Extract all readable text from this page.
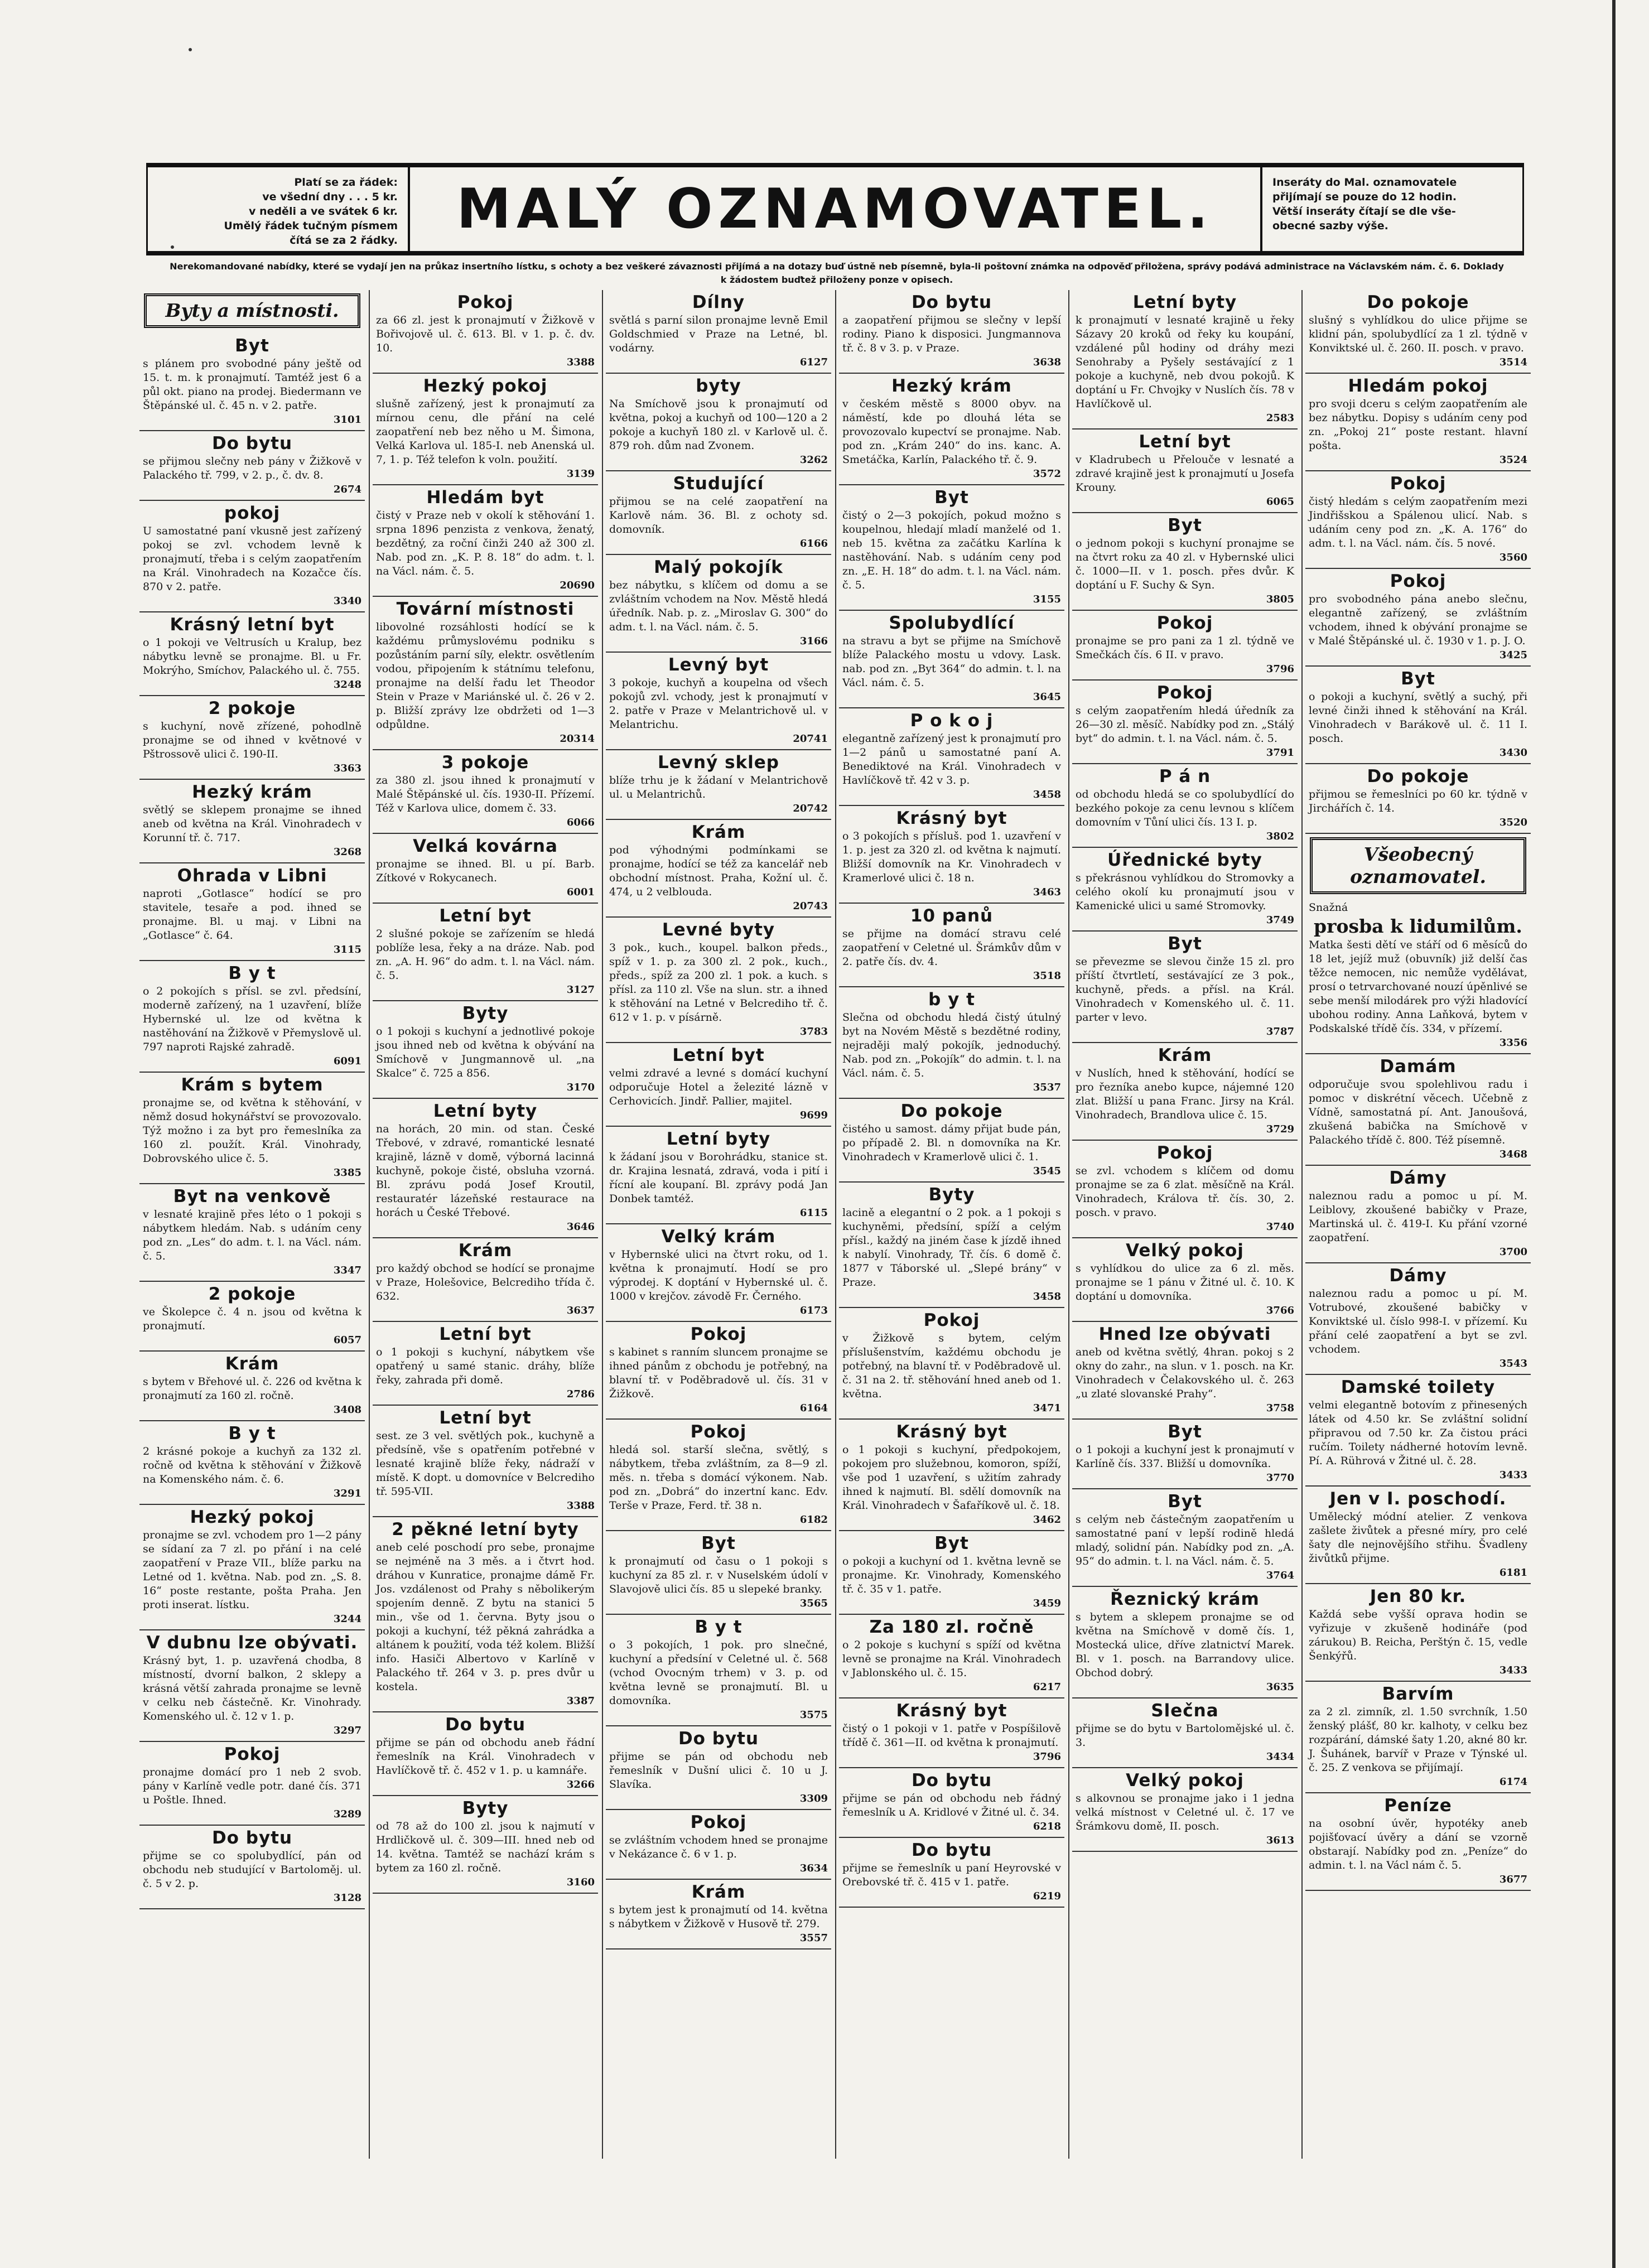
Platí se za řádek:
ve všední dny . . . 5 kr.
v neděli a ve svátek 6 kr.
Umělý řádek tučným písmem
čítá se za 2 řádky.	MALÝ OZNAMOVATEL.	Inseráty do Mal. oznamovatele
přijímají se pouze do 12 hodin.
Větší inseráty čítají se dle vše-
obecné sazby výše.
Nerekomandované nabídky, které se vydají jen na průkaz insertního lístku, s ochoty a bez veškeré závaznosti přijímá a na dotazy buď ústně neb písemně, byla-li poštovní známka na odpověď přiložena, správy podává administrace na Václavském nám. č. 6. Doklady k žádostem buďtež přiloženy ponze v opisech.
Byty a místnosti.
Byt
s plánem pro svobodné pány ještě od 15. t. m. k pronajmutí. Tamtéž jest 6 a půl okt. piano na prodej. Biedermann ve Štěpánské ul. č. 45 n. v 2. patře.
3101
Do bytu
se přijmou slečny neb pány v Žižkově v Palackého tř. 799, v 2. p., č. dv. 8.
2674
pokoj
U samostatné paní vkusně jest zařízený pokoj se zvl. vchodem levně k pronajmutí, třeba i s celým zaopatřením na Král. Vinohradech na Kozačce čís. 870 v 2. patře.
3340
Krásný letní byt
o 1 pokoji ve Veltrusích u Kralup, bez nábytku levně se pronajme. Bl. u Fr. Mokrýho, Smíchov, Palackého ul. č. 755.
3248
2 pokoje
s kuchyní, nově zřízené, pohodlně pronajme se od ihned v květnové v Pštrossově ulici č. 190-II.
3363
Hezký krám
světlý se sklepem pronajme se ihned aneb od května na Král. Vinohradech v Korunní tř. č. 717.
3268
Ohrada v Libni
naproti „Gotlasce“ hodící se pro stavitele, tesaře a pod. ihned se pronajme. Bl. u maj. v Libni na „Gotlasce“ č. 64.
3115
B y t
o 2 pokojích s přísl. se zvl. předsíní, moderně zařízený, na 1 uzavření, blíže Hybernské ul. lze od května k nastěhování na Žižkově v Přemyslově ul. 797 naproti Rajské zahradě.
6091
Krám s bytem
pronajme se, od května k stěhování, v němž dosud hokynářství se provozovalo. Týž možno i za byt pro řemeslníka za 160 zl. použít. Král. Vinohrady, Dobrovského ulice č. 5.
3385
Byt na venkově
v lesnaté krajině přes léto o 1 pokoji s nábytkem hledám. Nab. s udáním ceny pod zn. „Les“ do adm. t. l. na Václ. nám. č. 5.
3347
2 pokoje
ve Školepce č. 4 n. jsou od května k pronajmutí.
6057
Krám
s bytem v Břehové ul. č. 226 od května k pronajmutí za 160 zl. ročně.
3408
B y t
2 krásné pokoje a kuchyň za 132 zl. ročně od května k stěhování v Žižkově na Komenského nám. č. 6.
3291
Hezký pokoj
pronajme se zvl. vchodem pro 1—2 pány se sídaní za 7 zl. po přání i na celé zaopatření v Praze VII., blíže parku na Letné od 1. května. Nab. pod zn. „S. 8. 16“ poste restante, pošta Praha. Jen proti inserat. lístku.
3244
V dubnu lze obývati.
Krásný byt, 1. p. uzavřená chodba, 8 místností, dvorní balkon, 2 sklepy a krásná větší zahrada pronajme se levně v celku neb částečně. Kr. Vinohrady. Komenského ul. č. 12 v 1. p.
3297
Pokoj
pronajme domácí pro 1 neb 2 svob. pány v Karlíně vedle potr. dané čís. 371 u Poštle. Ihned.
3289
Do bytu
přijme se co spolubydlící, pán od obchodu neb studující v Bartoloměj. ul. č. 5 v 2. p.
3128
Pokoj
za 66 zl. jest k pronajmutí v Žižkově v Bořivojově ul. č. 613. Bl. v 1. p. č. dv. 10.
3388
Hezký pokoj
slušně zařízený, jest k pronajmutí za mírnou cenu, dle přání na celé zaopatření neb bez něho u M. Šimona, Velká Karlova ul. 185-I. neb Anenská ul. 7, 1. p. Též telefon k voln. použití.
3139
Hledám byt
čistý v Praze neb v okolí k stěhování 1. srpna 1896 penzista z venkova, ženatý, bezdětný, za roční činži 240 až 300 zl. Nab. pod zn. „K. P. 8. 18“ do adm. t. l. na Václ. nám. č. 5.
20690
Tovární místnosti
libovolné rozsáhlosti hodící se k každému průmyslovému podniku s pozůstáním parní síly, elektr. osvětlením vodou, připojením k státnímu telefonu, pronajme na delší řadu let Theodor Stein v Praze v Mariánské ul. č. 26 v 2. p. Bližší zprávy lze obdržeti od 1—3 odpůldne.
20314
3 pokoje
za 380 zl. jsou ihned k pronajmutí v Malé Štěpánské ul. čís. 1930-II. Přízemí. Též v Karlova ulice, domem č. 33.
6066
Velká kovárna
pronajme se ihned. Bl. u pí. Barb. Zítkové v Rokycanech.
6001
Letní byt
2 slušné pokoje se zařízením se hledá poblíže lesa, řeky a na dráze. Nab. pod zn. „A. H. 96“ do adm. t. l. na Václ. nám. č. 5.
3127
Byty
o 1 pokoji s kuchyní a jednotlivé pokoje jsou ihned neb od května k obývání na Smíchově v Jungmannově ul. „na Skalce“ č. 725 a 856.
3170
Letní byty
na horách, 20 min. od stan. České Třebové, v zdravé, romantické lesnaté krajině, lázně v domě, výborná lacinná kuchyně, pokoje čisté, obsluha vzorná. Bl. zprávu podá Josef Kroutil, restauratér lázeňské restaurace na horách u České Třebové.
3646
Krám
pro každý obchod se hodící se pronajme v Praze, Holešovice, Belcrediho třída č. 632.
3637
Letní byt
o 1 pokoji s kuchyní, nábytkem vše opatřený u samé stanic. dráhy, blíže řeky, zahrada při domě.
2786
Letní byt
sest. ze 3 vel. světlých pok., kuchyně a předsíně, vše s opatřením potřebné v lesnaté krajině blíže řeky, nádraží v místě. K dopt. u domovníce v Belcrediho tř. 595-VII.
3388
2 pěkné letní byty
aneb celé poschodí pro sebe, pronajme se nejméně na 3 měs. a i čtvrt hod. dráhou v Kunratice, pronajme dámě Fr. Jos. vzdálenost od Prahy s něbolikerým spojením denně. Z bytu na stanici 5 min., vše od 1. června. Byty jsou o pokoji a kuchyní, též pěkná zahrádka a altánem k použití, voda též kolem. Bližší info. Hasiči Albertovo v Karlíně v Palackého tř. 264 v 3. p. pres dvůr u kostela.
3387
Do bytu
přijme se pán od obchodu aneb řádní řemeslník na Král. Vinohradech v Havlíčkově tř. č. 452 v 1. p. u kamnáře.
3266
Byty
od 78 až do 100 zl. jsou k najmutí v Hrdličkově ul. č. 309—III. hned neb od 14. května. Tamtéž se nachází krám s bytem za 160 zl. ročně.
3160
Dílny
světlá s parní silon pronajme levně Emil Goldschmied v Praze na Letné, bl. vodárny.
6127
byty
Na Smíchově jsou k pronajmutí od května, pokoj a kuchyň od 100—120 a 2 pokoje a kuchyň 180 zl. v Karlově ul. č. 879 roh. dům nad Zvonem.
3262
Studující
přijmou se na celé zaopatření na Karlově nám. 36. Bl. z ochoty sd. domovník.
6166
Malý pokojík
bez nábytku, s klíčem od domu a se zvláštním vchodem na Nov. Městě hledá úředník. Nab. p. z. „Miroslav G. 300“ do adm. t. l. na Václ. nám. č. 5.
3166
Levný byt
3 pokoje, kuchyň a koupelna od všech pokojů zvl. vchody, jest k pronajmutí v 2. patře v Praze v Melantrichově ul. v Melantrichu.
20741
Levný sklep
blíže trhu je k žádaní v Melantrichově ul. u Melantrichů.
20742
Krám
pod výhodnými podmínkami se pronajme, hodící se též za kancelář neb obchodní místnost. Praha, Kožní ul. č. 474, u 2 velblouda.
20743
Levné byty
3 pok., kuch., koupel. balkon předs., spíž v 1. p. za 300 zl. 2 pok., kuch., předs., spíž za 200 zl. 1 pok. a kuch. s přísl. za 110 zl. Vše na slun. str. a ihned k stěhování na Letné v Belcrediho tř. č. 612 v 1. p. v písárně.
3783
Letní byt
velmi zdravé a levné s domácí kuchyní odporučuje Hotel a železité lázně v Cerhovicích. Jindř. Pallier, majitel.
9699
Letní byty
k žádaní jsou v Borohrádku, stanice st. dr. Krajina lesnatá, zdravá, voda i pití i řícní ale koupaní. Bl. zprávy podá Jan Donbek tamtéž.
6115
Velký krám
v Hybernské ulici na čtvrt roku, od 1. května k pronajmutí. Hodí se pro výprodej. K doptání v Hybernské ul. č. 1000 v krejčov. závodě Fr. Černého.
6173
Pokoj
s kabinet s ranním sluncem pronajme se ihned pánům z obchodu je potřebný, na blavní tř. v Poděbradově ul. čís. 31 v Žižkově.
6164
Pokoj
hledá sol. starší slečna, světlý, s nábytkem, třeba zvláštním, za 8—9 zl. měs. n. třeba s domácí výkonem. Nab. pod zn. „Dobrá“ do inzertní kanc. Edv. Terše v Praze, Ferd. tř. 38 n.
6182
Byt
k pronajmutí od času o 1 pokoji s kuchyní za 85 zl. r. v Nuselském údolí v Slavojově ulici čís. 85 u slepeké branky.
3565
B y t
o 3 pokojích, 1 pok. pro slnečné, kuchyní a předsíní v Celetné ul. č. 568 (vchod Ovocným trhem) v 3. p. od května levně se pronajmutí. Bl. u domovníka.
3575
Do bytu
přijme se pán od obchodu neb řemeslník v Dušní ulici č. 10 u J. Slavíka.
3309
Pokoj
se zvláštním vchodem hned se pronajme v Nekázance č. 6 v 1. p.
3634
Krám
s bytem jest k pronajmutí od 14. května s nábytkem v Žižkově v Husově tř. 279.
3557
Do bytu
a zaopatření přijmou se slečny v lepší rodiny. Piano k disposici. Jungmannova tř. č. 8 v 3. p. v Praze.
3638
Hezký krám
v českém městě s 8000 obyv. na náměstí, kde po dlouhá léta se provozovalo kupectví se pronajme. Nab. pod zn. „Krám 240“ do ins. kanc. A. Smetáčka, Karlín, Palackého tř. č. 9.
3572
Byt
čistý o 2—3 pokojích, pokud možno s koupelnou, hledají mladí manželé od 1. neb 15. května za začátku Karlína k nastěhování. Nab. s udáním ceny pod zn. „E. H. 18“ do adm. t. l. na Václ. nám. č. 5.
3155
Spolubydlící
na stravu a byt se přijme na Smíchově blíže Palackého mostu u vdovy. Lask. nab. pod zn. „Byt 364“ do admin. t. l. na Václ. nám. č. 5.
3645
P o k o j
elegantně zařízený jest k pronajmutí pro 1—2 pánů u samostatné paní A. Benediktové na Král. Vinohradech v Havlíčkově tř. 42 v 3. p.
3458
Krásný byt
o 3 pokojích s přísluš. pod 1. uzavření v 1. p. jest za 320 zl. od května k najmutí. Bližší domovník na Kr. Vinohradech v Kramerlové ulici č. 18 n.
3463
10 panů
se přijme na domácí stravu celé zaopatření v Celetné ul. Šrámkův dům v 2. patře čís. dv. 4.
3518
b y t
Slečna od obchodu hledá čistý útulný byt na Novém Městě s bezdětné rodiny, nejraději malý pokojík, jednoduchý. Nab. pod zn. „Pokojík“ do admin. t. l. na Václ. nám. č. 5.
3537
Do pokoje
čistého u samost. dámy přijat bude pán, po případě 2. Bl. n domovníka na Kr. Vinohradech v Kramerlově ulici č. 1.
3545
Byty
lacině a elegantní o 2 pok. a 1 pokoji s kuchyněmi, předsíní, spíží a celým přísl., každý na jiném čase k jízdě ihned k nabylí. Vinohrady, Tř. čís. 6 domě č. 1877 v Táborské ul. „Slepé brány“ v Praze.
3458
Pokoj
v Žižkově s bytem, celým příslušenstvím, každému obchodu je potřebný, na blavní tř. v Poděbradově ul. č. 31 na 2. tř. stěhování hned aneb od 1. května.
3471
Krásný byt
o 1 pokoji s kuchyní, předpokojem, pokojem pro služebnou, komoron, spíží, vše pod 1 uzavření, s užitím zahrady ihned k najmutí. Bl. sdělí domovník na Král. Vinohradech v Šafaříkově ul. č. 18.
3462
Byt
o pokoji a kuchyní od 1. května levně se pronajme. Kr. Vinohrady, Komenského tř. č. 35 v 1. patře.
3459
Za 180 zl. ročně
o 2 pokoje s kuchyní s spíží od května levně se pronajme na Král. Vinohradech v Jablonského ul. č. 15.
6217
Krásný byt
čistý o 1 pokoji v 1. patře v Pospíšilově třídě č. 361—II. od května k pronajmutí.
3796
Do bytu
přijme se pán od obchodu neb řádný řemeslník u A. Kridlové v Žitné ul. č. 34.
6218
Do bytu
přijme se řemeslník u paní Heyrovské v Orebovské tř. č. 415 v 1. patře.
6219
Letní byty
k pronajmutí v lesnaté krajině u řeky Sázavy 20 kroků od řeky ku koupání, vzdálené půl hodiny od dráhy mezi Senohraby a Pyšely sestávající z 1 pokoje a kuchyně, neb dvou pokojů. K doptání u Fr. Chvojky v Nuslích čís. 78 v Havlíčkově ul.
2583
Letní byt
v Kladrubech u Přelouče v lesnaté a zdravé krajině jest k pronajmutí u Josefa Krouny.
6065
Byt
o jednom pokoji s kuchyní pronajme se na čtvrt roku za 40 zl. v Hybernské ulici č. 1000—II. v 1. posch. přes dvůr. K doptání u F. Suchy & Syn.
3805
Pokoj
pronajme se pro pani za 1 zl. týdně ve Smečkách čís. 6 II. v pravo.
3796
Pokoj
s celým zaopatřením hledá úředník za 26—30 zl. měsíč. Nabídky pod zn. „Stálý byt“ do admin. t. l. na Václ. nám. č. 5.
3791
P á n
od obchodu hledá se co spolubydlící do bezkého pokoje za cenu levnou s klíčem domovním v Tůní ulici čís. 13 I. p.
3802
Úřednické byty
s překrásnou vyhlídkou do Stromovky a celého okolí ku pronajmutí jsou v Kamenické ulici u samé Stromovky.
3749
Byt
se převezme se slevou činže 15 zl. pro příští čtvrtletí, sestávající ze 3 pok., kuchyně, předs. a přísl. na Král. Vinohradech v Komenského ul. č. 11. parter v levo.
3787
Krám
v Nuslích, hned k stěhování, hodící se pro řezníka anebo kupce, nájemné 120 zlat. Bližší u pana Franc. Jirsy na Král. Vinohradech, Brandlova ulice č. 15.
3729
Pokoj
se zvl. vchodem s klíčem od domu pronajme se za 6 zlat. měsíčně na Král. Vinohradech, Králova tř. čís. 30, 2. posch. v pravo.
3740
Velký pokoj
s vyhlídkou do ulice za 6 zl. měs. pronajme se 1 pánu v Žitné ul. č. 10. K doptání u domovníka.
3766
Hned lze obývati
aneb od května světlý, 4hran. pokoj s 2 okny do zahr., na slun. v 1. posch. na Kr. Vinohradech v Čelakovského ul. č. 263 „u zlaté slovanské Prahy“.
3758
Byt
o 1 pokoji a kuchyní jest k pronajmutí v Karlíně čís. 337. Bližší u domovníka.
3770
Byt
s celým neb částečným zaopatřením u samostatné paní v lepší rodině hledá mladý, solidní pán. Nabídky pod zn. „A. 95“ do admin. t. l. na Václ. nám. č. 5.
3764
Řeznický krám
s bytem a sklepem pronajme se od května na Smíchově v domě čís. 1, Mostecká ulice, dříve zlatnictví Marek. Bl. v 1. posch. na Barrandovy ulice. Obchod dobrý.
3635
Slečna
přijme se do bytu v Bartolomějské ul. č. 3.
3434
Velký pokoj
s alkovnou se pronajme jako i 1 jedna velká místnost v Celetné ul. č. 17 ve Šrámkovu domě, II. posch.
3613
Do pokoje
slušný s vyhlídkou do ulice přijme se klidní pán, spolubydlící za 1 zl. týdně v Konviktské ul. č. 260. II. posch. v pravo.
3514
Hledám pokoj
pro svoji dceru s celým zaopatřením ale bez nábytku. Dopisy s udáním ceny pod zn. „Pokoj 21“ poste restant. hlavní pošta.
3524
Pokoj
čistý hledám s celým zaopatřením mezi Jindřišskou a Spálenou ulicí. Nab. s udáním ceny pod zn. „K. A. 176“ do adm. t. l. na Václ. nám. čís. 5 nové.
3560
Pokoj
pro svobodného pána anebo slečnu, elegantně zařízený, se zvláštním vchodem, ihned k obývání pronajme se v Malé Štěpánské ul. č. 1930 v 1. p. J. O.
3425
Byt
o pokoji a kuchyní, světlý a suchý, při levné činži ihned k stěhování na Král. Vinohradech v Barákově ul. č. 11 I. posch.
3430
Do pokoje
přijmou se řemeslníci po 60 kr. týdně v Jirchářích č. 14.
3520
Všeobecný oznamovatel.
Snažná
prosba k lidumilům.
Matka šesti dětí ve stáří od 6 měsíců do 18 let, jejíž muž (obuvník) již delší čas těžce nemocen, nic nemůže vydělávat, prosí o tetrvarchované nouzí úpěnlivé se sebe menší milodárek pro výži hladovící ubohou rodiny. Anna Laňková, bytem v Podskalské třídě čís. 334, v přízemí.
3356
Damám
odporučuje svou spolehlivou radu i pomoc v diskrétní věcech. Učebně z Vídně, samostatná pí. Ant. Janoušová, zkušená babička na Smíchově v Palackého třídě č. 800. Též písemně.
3468
Dámy
naleznou radu a pomoc u pí. M. Leiblovy, zkoušené babičky v Praze, Martinská ul. č. 419-I. Ku přání vzorné zaopatření.
3700
Dámy
naleznou radu a pomoc u pí. M. Votrubové, zkoušené babičky v Konviktské ul. číslo 998-I. v přízemí. Ku přání celé zaopatření a byt se zvl. vchodem.
3543
Damské toilety
velmi elegantně botovím z přinesených látek od 4.50 kr. Se zvláštní solidní připravou od 7.50 kr. Za čistou práci ručím. Toilety nádherné hotovím levně. Pí. A. Rührová v Žitné ul. č. 28.
3433
Jen v I. poschodí.
Umělecký módní atelier. Z venkova zašlete živůtek a přesné míry, pro celé šaty dle nejnovějšího střihu. Švadleny živůtků přijme.
6181
Jen 80 kr.
Každá sebe vyšší oprava hodin se vyřizuje v zkušeně hodináře (pod zárukou) B. Reicha, Perštýn č. 15, vedle Šenkýřů.
3433
Barvím
za 2 zl. zimník, zl. 1.50 svrchník, 1.50 ženský plášť, 80 kr. kalhoty, v celku bez rozpárání, dámské šaty 1.20, akné 80 kr. J. Šuhánek, barvíř v Praze v Týnské ul. č. 25. Z venkova se přijímají.
6174
Peníze
na osobní úvěr, hypotéky aneb pojišťovací úvěry a dání se vzorně obstarají. Nabídky pod zn. „Peníze“ do admin. t. l. na Václ nám č. 5.
3677
